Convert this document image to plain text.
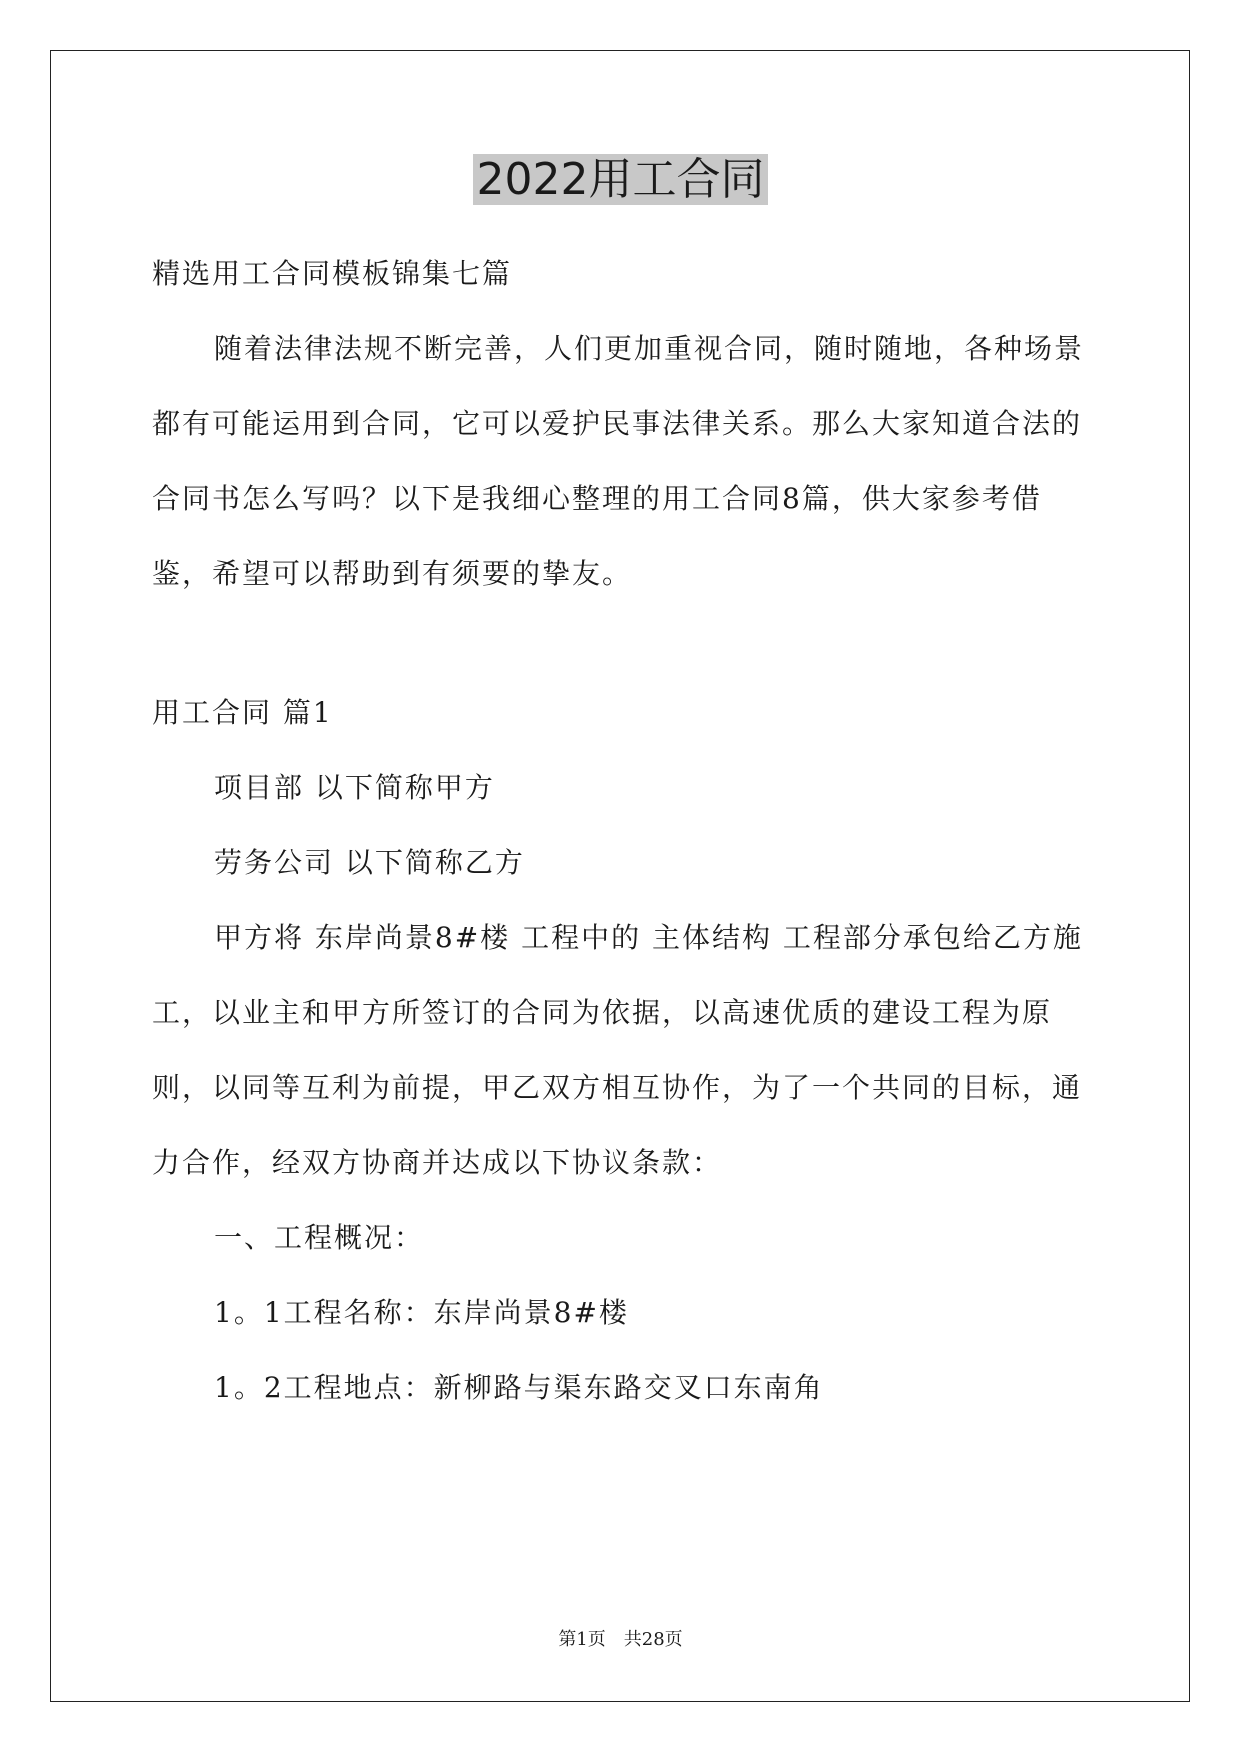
2022用工合同

精选用工合同模板锦集七篇

随着法律法规不断完善，人们更加重视合同，随时随地，各种场景都有可能运用到合同，它可以爱护民事法律关系。那么大家知道合法的合同书怎么写吗？以下是我细心整理的用工合同8篇，供大家参考借鉴，希望可以帮助到有须要的挚友。

用工合同 篇1

项目部 以下简称甲方

劳务公司 以下简称乙方

甲方将 东岸尚景8#楼 工程中的 主体结构 工程部分承包给乙方施工，以业主和甲方所签订的合同为依据，以高速优质的建设工程为原则，以同等互利为前提，甲乙双方相互协作，为了一个共同的目标，通力合作，经双方协商并达成以下协议条款：

一、工程概况：

1。1工程名称：东岸尚景8#楼

1。2工程地点：新柳路与渠东路交叉口东南角

第1页　共28页
